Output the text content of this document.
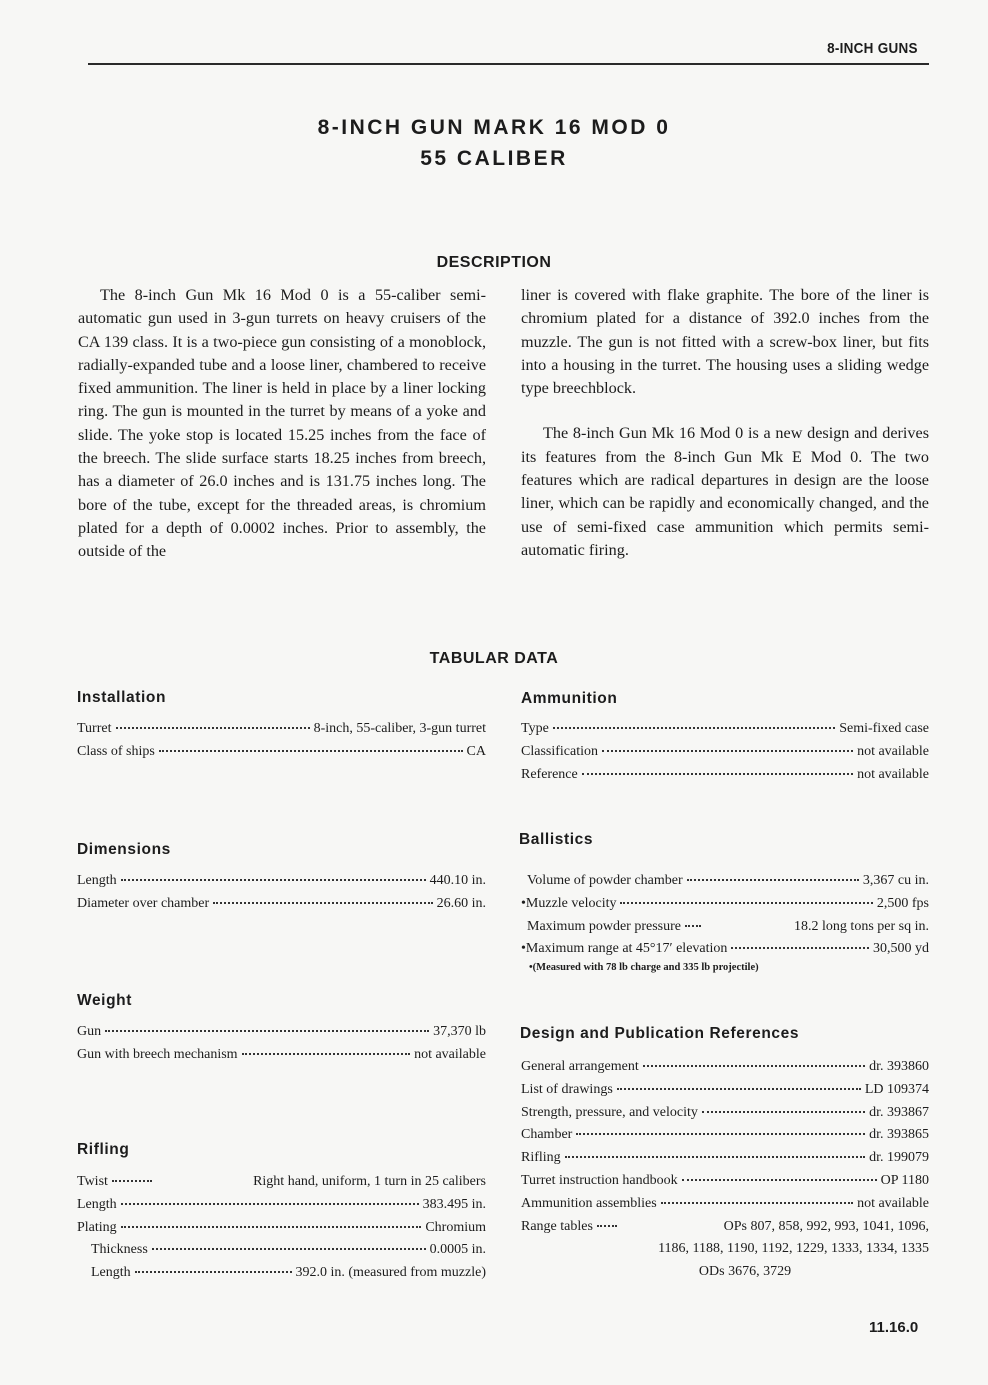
8-INCH GUNS
8-INCH GUN MARK 16 MOD 0
55 CALIBER
DESCRIPTION

The 8-inch Gun Mk 16 Mod 0 is a 55-caliber semi-automatic gun used in 3-gun turrets on heavy cruisers of the CA 139 class. It is a two-piece gun consisting of a monoblock, radially-expanded tube and a loose liner, chambered to receive fixed ammunition. The liner is held in place by a liner locking ring. The gun is mounted in the turret by means of a yoke and slide. The yoke stop is located 15.25 inches from the face of the breech. The slide surface starts 18.25 inches from breech, has a diameter of 26.0 inches and is 131.75 inches long. The bore of the tube, except for the threaded areas, is chromium plated for a depth of 0.0002 inches. Prior to assembly, the outside of the

liner is covered with flake graphite. The bore of the liner is chromium plated for a distance of 392.0 inches from the muzzle. The gun is not fitted with a screw-box liner, but fits into a housing in the turret. The housing uses a sliding wedge type breechblock.

The 8-inch Gun Mk 16 Mod 0 is a new design and derives its features from the 8-inch Gun Mk E Mod 0. The two features which are radical departures in design are the loose liner, which can be rapidly and economically changed, and the use of semi-fixed case ammunition which permits semi-automatic firing.

TABULAR DATA
Installation
Turret	8-inch, 55-caliber, 3-gun turret
Class of ships	CA
Dimensions
Length	440.10 in.
Diameter over chamber	26.60 in.
Weight
Gun	37,370 lb
Gun with breech mechanism	not available
Rifling
Twist	Right hand, uniform, 1 turn in 25 calibers
Length	383.495 in.
Plating	Chromium
Thickness	0.0005 in.
Length	392.0 in. (measured from muzzle)
Ammunition
Type	Semi-fixed case
Classification	not available
Reference	not available
Ballistics
Volume of powder chamber	3,367 cu in.
•Muzzle velocity	2,500 fps
Maximum powder pressure	18.2 long tons per sq in.
•Maximum range at 45°17′ elevation	30,500 yd
•(Measured with 78 lb charge and 335 lb projectile)
Design and Publication References
General arrangement	dr. 393860
List of drawings	LD 109374
Strength, pressure, and velocity	dr. 393867
Chamber	dr. 393865
Rifling	dr. 199079
Turret instruction handbook	OP 1180
Ammunition assemblies	not available
Range tables	OPs 807, 858, 992, 993, 1041, 1096,
1186, 1188, 1190, 1192, 1229, 1333, 1334, 1335
ODs 3676, 3729
11.16.0
